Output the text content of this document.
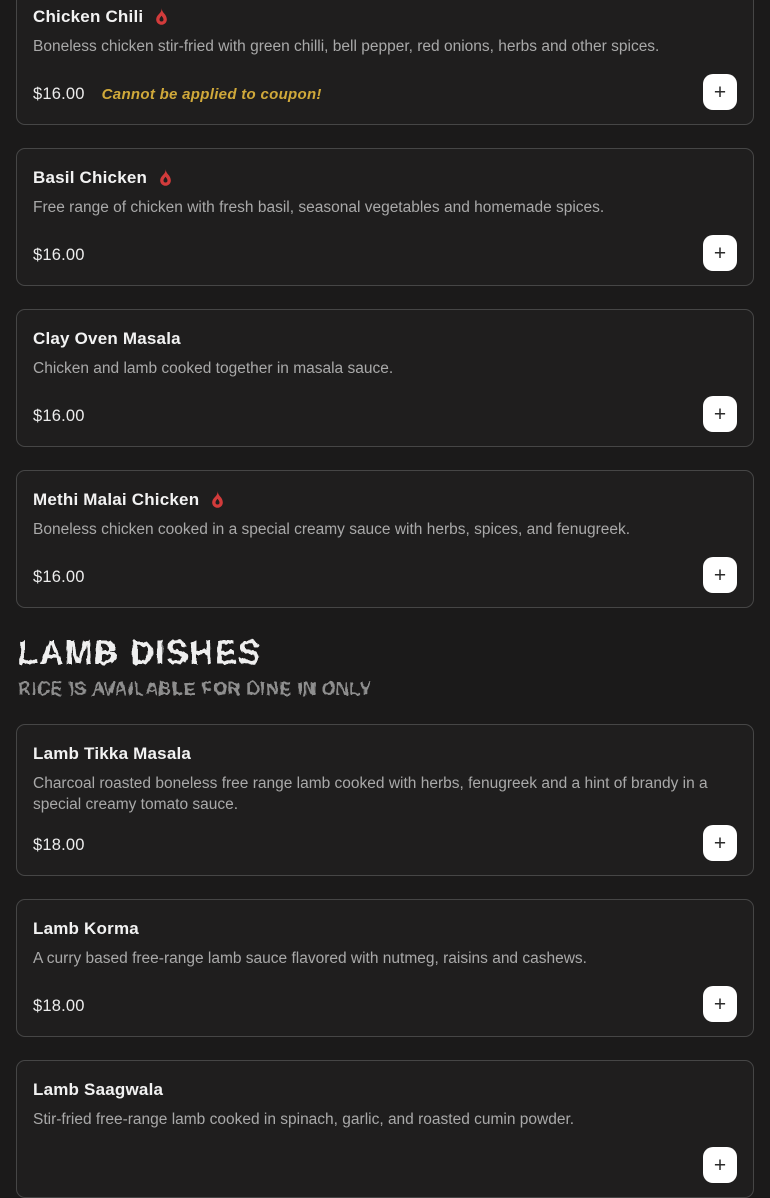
Chicken Chili

Boneless chicken stir-fried with green chilli, bell pepper, red onions, herbs and other spices.

$16.00 Cannot be applied to coupon!	+
Basil Chicken

Free range of chicken with fresh basil, seasonal vegetables and homemade spices.

$16.00	+
Clay Oven Masala

Chicken and lamb cooked together in masala sauce.

$16.00	+
Methi Malai Chicken

Boneless chicken cooked in a special creamy sauce with herbs, spices, and fenugreek.

$16.00	+
LAMB DISHES

RICE IS AVAILABLE FOR DINE IN ONLY

Lamb Tikka Masala

Charcoal roasted boneless free range lamb cooked with herbs, fenugreek and a hint of brandy in a special creamy tomato sauce.

$18.00	+
Lamb Korma

A curry based free-range lamb sauce flavored with nutmeg, raisins and cashews.

$18.00	+
Lamb Saagwala

Stir-fried free-range lamb cooked in spinach, garlic, and roasted cumin powder.

+
